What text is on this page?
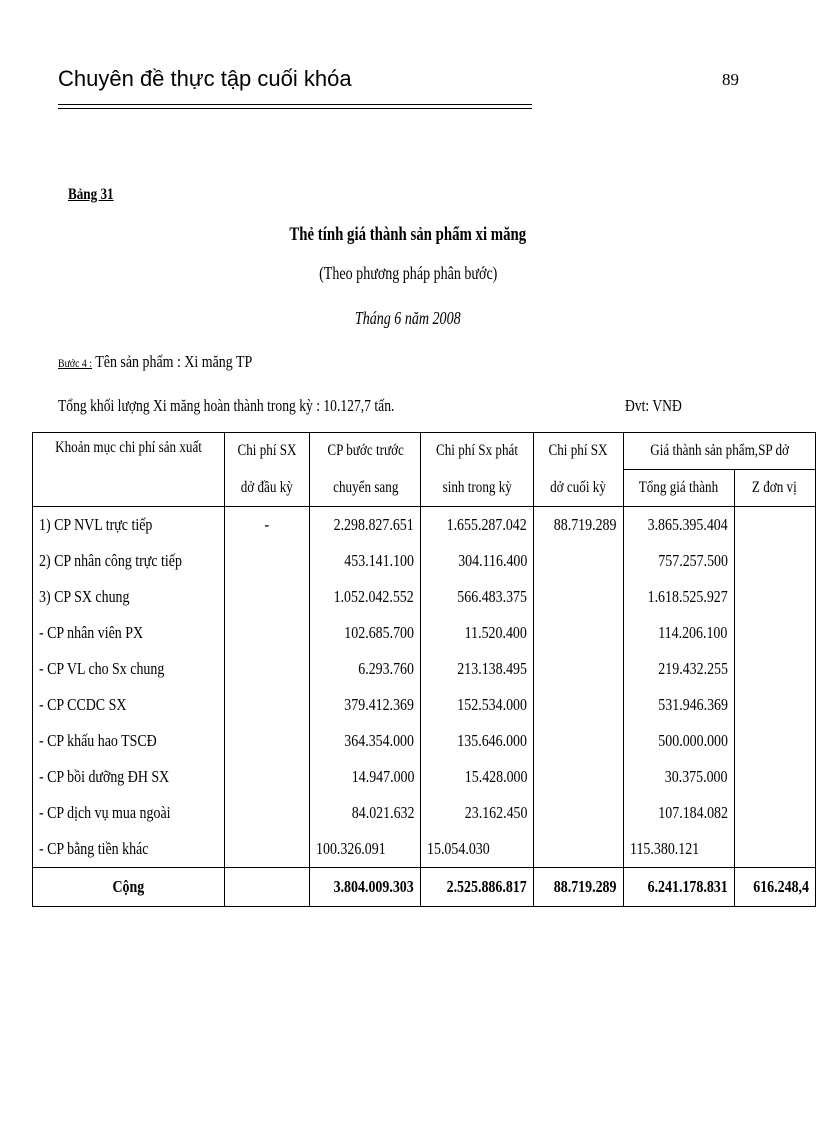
Chuyên đề thực tập cuối khóa	89
Bảng 31
Thẻ tính giá thành sản phẩm xi măng
(Theo phương pháp phân bước)
Tháng 6 năm 2008
Bước 4 : Tên sản phẩm : Xi măng TP
Tổng khối lượng Xi măng hoàn thành trong kỳ : 10.127,7 tấn.	Đvt: VNĐ
Khoản mục chi phí sản xuất	Chi phí SX	CP bước trước	Chi phí Sx phát	Chi phí SX	Giá thành sản phẩm,SP dở	
	dở đầu kỳ	chuyển sang	sinh trong kỳ	dở cuối kỳ	Tổng giá thành	Z đơn vị
1) CP NVL trực tiếp	-	2.298.827.651	1.655.287.042	88.719.289	3.865.395.404	
2) CP nhân công trực tiếp		453.141.100	304.116.400		757.257.500	
3) CP SX chung		1.052.042.552	566.483.375		1.618.525.927	
- CP nhân viên PX		102.685.700	11.520.400		114.206.100	
- CP VL cho Sx chung		6.293.760	213.138.495		219.432.255	
- CP CCDC SX		379.412.369	152.534.000		531.946.369	
- CP khấu hao TSCĐ		364.354.000	135.646.000		500.000.000	
- CP bồi dưỡng ĐH SX		14.947.000	15.428.000		30.375.000	
- CP dịch vụ mua ngoài		84.021.632	23.162.450		107.184.082	
- CP bằng tiền khác		100.326.091	15.054.030		115.380.121	
Cộng		3.804.009.303	2.525.886.817	88.719.289	6.241.178.831	616.248,4
